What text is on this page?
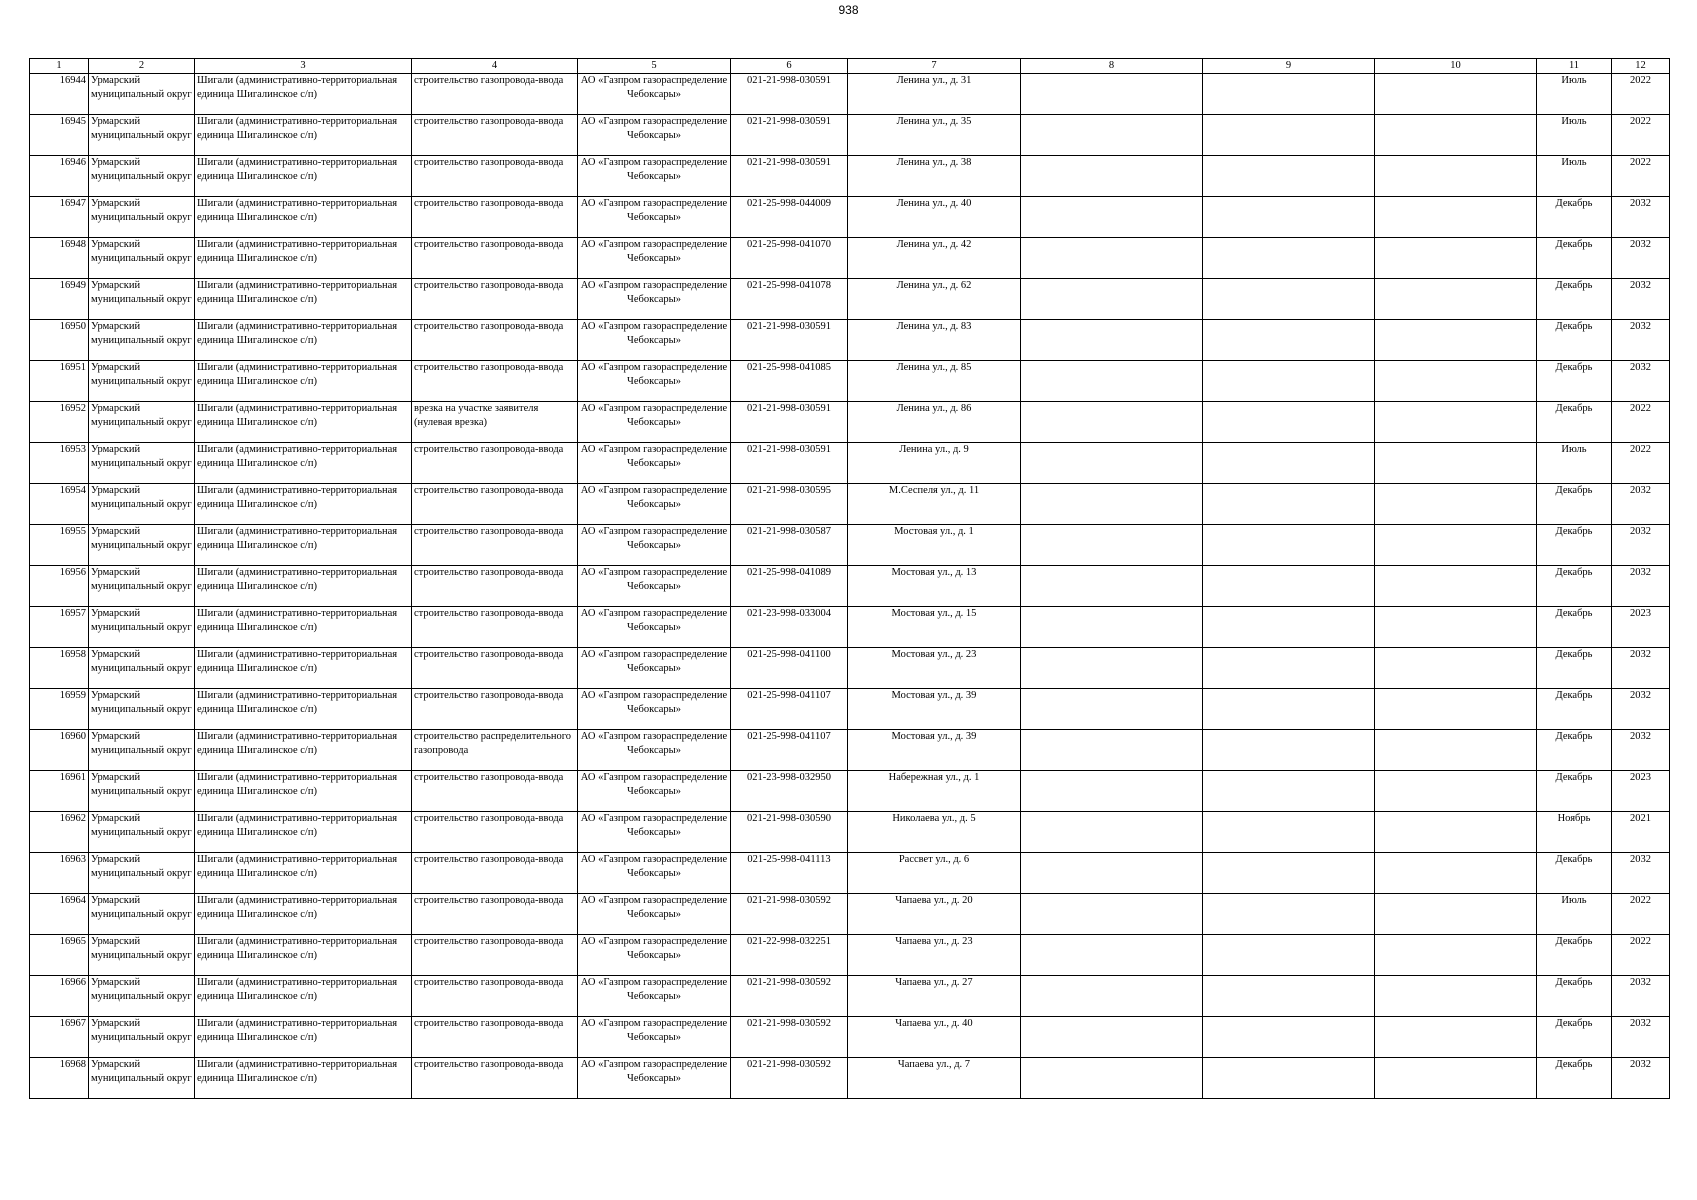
938
1	2	3	4	5	6	7	8	9	10	11	12

16944	Урмарский муниципальный округ	Шигали (административно-территориальная единица Шигалинское с/п)	строительство газопровода-ввода	АО «Газпром газораспределение Чебоксары»	021-21-998-030591	Ленина ул., д. 31				Июль	2022

16945	Урмарский муниципальный округ	Шигали (административно-территориальная единица Шигалинское с/п)	строительство газопровода-ввода	АО «Газпром газораспределение Чебоксары»	021-21-998-030591	Ленина ул., д. 35				Июль	2022

16946	Урмарский муниципальный округ	Шигали (административно-территориальная единица Шигалинское с/п)	строительство газопровода-ввода	АО «Газпром газораспределение Чебоксары»	021-21-998-030591	Ленина ул., д. 38				Июль	2022

16947	Урмарский муниципальный округ	Шигали (административно-территориальная единица Шигалинское с/п)	строительство газопровода-ввода	АО «Газпром газораспределение Чебоксары»	021-25-998-044009	Ленина ул., д. 40				Декабрь	2032

16948	Урмарский муниципальный округ	Шигали (административно-территориальная единица Шигалинское с/п)	строительство газопровода-ввода	АО «Газпром газораспределение Чебоксары»	021-25-998-041070	Ленина ул., д. 42				Декабрь	2032

16949	Урмарский муниципальный округ	Шигали (административно-территориальная единица Шигалинское с/п)	строительство газопровода-ввода	АО «Газпром газораспределение Чебоксары»	021-25-998-041078	Ленина ул., д. 62				Декабрь	2032

16950	Урмарский муниципальный округ	Шигали (административно-территориальная единица Шигалинское с/п)	строительство газопровода-ввода	АО «Газпром газораспределение Чебоксары»	021-21-998-030591	Ленина ул., д. 83				Декабрь	2032

16951	Урмарский муниципальный округ	Шигали (административно-территориальная единица Шигалинское с/п)	строительство газопровода-ввода	АО «Газпром газораспределение Чебоксары»	021-25-998-041085	Ленина ул., д. 85				Декабрь	2032

16952	Урмарский муниципальный округ	Шигали (административно-территориальная единица Шигалинское с/п)	врезка на участке заявителя (нулевая врезка)	АО «Газпром газораспределение Чебоксары»	021-21-998-030591	Ленина ул., д. 86				Декабрь	2022

16953	Урмарский муниципальный округ	Шигали (административно-территориальная единица Шигалинское с/п)	строительство газопровода-ввода	АО «Газпром газораспределение Чебоксары»	021-21-998-030591	Ленина ул., д. 9				Июль	2022

16954	Урмарский муниципальный округ	Шигали (административно-территориальная единица Шигалинское с/п)	строительство газопровода-ввода	АО «Газпром газораспределение Чебоксары»	021-21-998-030595	М.Сеспеля ул., д. 11				Декабрь	2032

16955	Урмарский муниципальный округ	Шигали (административно-территориальная единица Шигалинское с/п)	строительство газопровода-ввода	АО «Газпром газораспределение Чебоксары»	021-21-998-030587	Мостовая ул., д. 1				Декабрь	2032

16956	Урмарский муниципальный округ	Шигали (административно-территориальная единица Шигалинское с/п)	строительство газопровода-ввода	АО «Газпром газораспределение Чебоксары»	021-25-998-041089	Мостовая ул., д. 13				Декабрь	2032

16957	Урмарский муниципальный округ	Шигали (административно-территориальная единица Шигалинское с/п)	строительство газопровода-ввода	АО «Газпром газораспределение Чебоксары»	021-23-998-033004	Мостовая ул., д. 15				Декабрь	2023

16958	Урмарский муниципальный округ	Шигали (административно-территориальная единица Шигалинское с/п)	строительство газопровода-ввода	АО «Газпром газораспределение Чебоксары»	021-25-998-041100	Мостовая ул., д. 23				Декабрь	2032

16959	Урмарский муниципальный округ	Шигали (административно-территориальная единица Шигалинское с/п)	строительство газопровода-ввода	АО «Газпром газораспределение Чебоксары»	021-25-998-041107	Мостовая ул., д. 39				Декабрь	2032

16960	Урмарский муниципальный округ	Шигали (административно-территориальная единица Шигалинское с/п)	строительство распределительного газопровода	АО «Газпром газораспределение Чебоксары»	021-25-998-041107	Мостовая ул., д. 39				Декабрь	2032

16961	Урмарский муниципальный округ	Шигали (административно-территориальная единица Шигалинское с/п)	строительство газопровода-ввода	АО «Газпром газораспределение Чебоксары»	021-23-998-032950	Набережная ул., д. 1				Декабрь	2023

16962	Урмарский муниципальный округ	Шигали (административно-территориальная единица Шигалинское с/п)	строительство газопровода-ввода	АО «Газпром газораспределение Чебоксары»	021-21-998-030590	Николаева ул., д. 5				Ноябрь	2021

16963	Урмарский муниципальный округ	Шигали (административно-территориальная единица Шигалинское с/п)	строительство газопровода-ввода	АО «Газпром газораспределение Чебоксары»	021-25-998-041113	Рассвет ул., д. 6				Декабрь	2032

16964	Урмарский муниципальный округ	Шигали (административно-территориальная единица Шигалинское с/п)	строительство газопровода-ввода	АО «Газпром газораспределение Чебоксары»	021-21-998-030592	Чапаева ул., д. 20				Июль	2022

16965	Урмарский муниципальный округ	Шигали (административно-территориальная единица Шигалинское с/п)	строительство газопровода-ввода	АО «Газпром газораспределение Чебоксары»	021-22-998-032251	Чапаева ул., д. 23				Декабрь	2022

16966	Урмарский муниципальный округ	Шигали (административно-территориальная единица Шигалинское с/п)	строительство газопровода-ввода	АО «Газпром газораспределение Чебоксары»	021-21-998-030592	Чапаева ул., д. 27				Декабрь	2032

16967	Урмарский муниципальный округ	Шигали (административно-территориальная единица Шигалинское с/п)	строительство газопровода-ввода	АО «Газпром газораспределение Чебоксары»	021-21-998-030592	Чапаева ул., д. 40				Декабрь	2032

16968	Урмарский муниципальный округ	Шигали (административно-территориальная единица Шигалинское с/п)	строительство газопровода-ввода	АО «Газпром газораспределение Чебоксары»	021-21-998-030592	Чапаева ул., д. 7				Декабрь	2032
